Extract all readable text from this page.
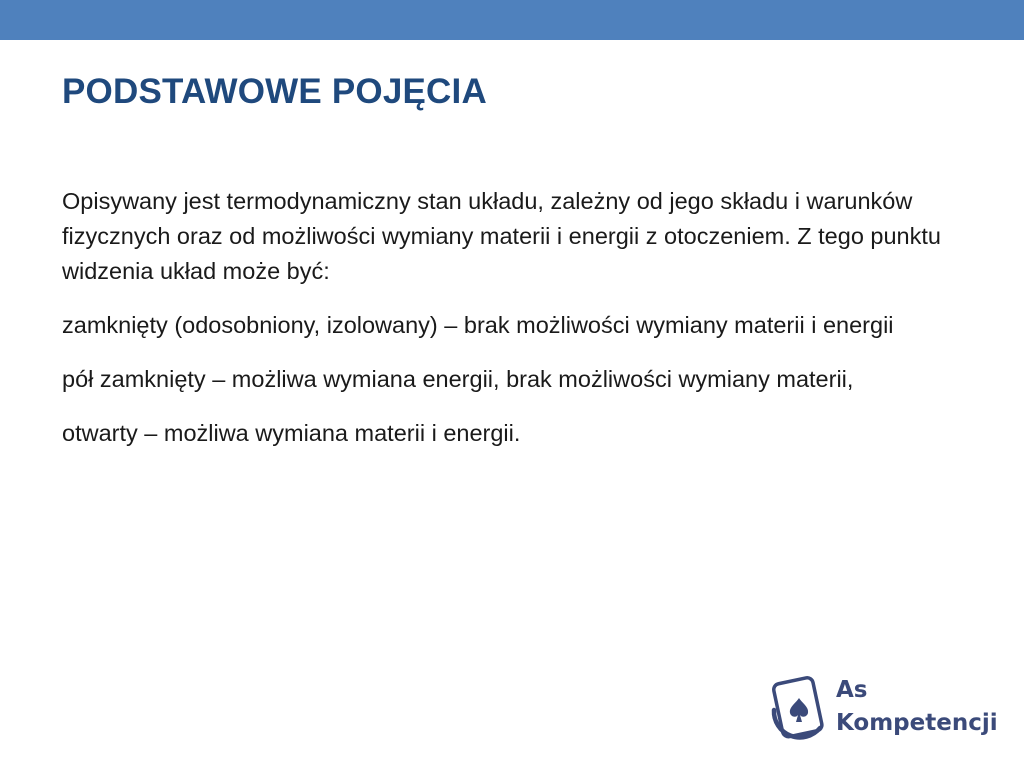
PODSTAWOWE POJĘCIA

Opisywany jest termodynamiczny stan układu, zależny od jego składu i warunków fizycznych oraz od możliwości wymiany materii i energii z otoczeniem. Z tego punktu widzenia układ może być:

zamknięty (odosobniony, izolowany) – brak możliwości wymiany materii i energii

pół zamknięty – możliwa wymiana energii, brak możliwości wymiany materii,

otwarty – możliwa wymiana materii i energii.

As
Kompetencji
